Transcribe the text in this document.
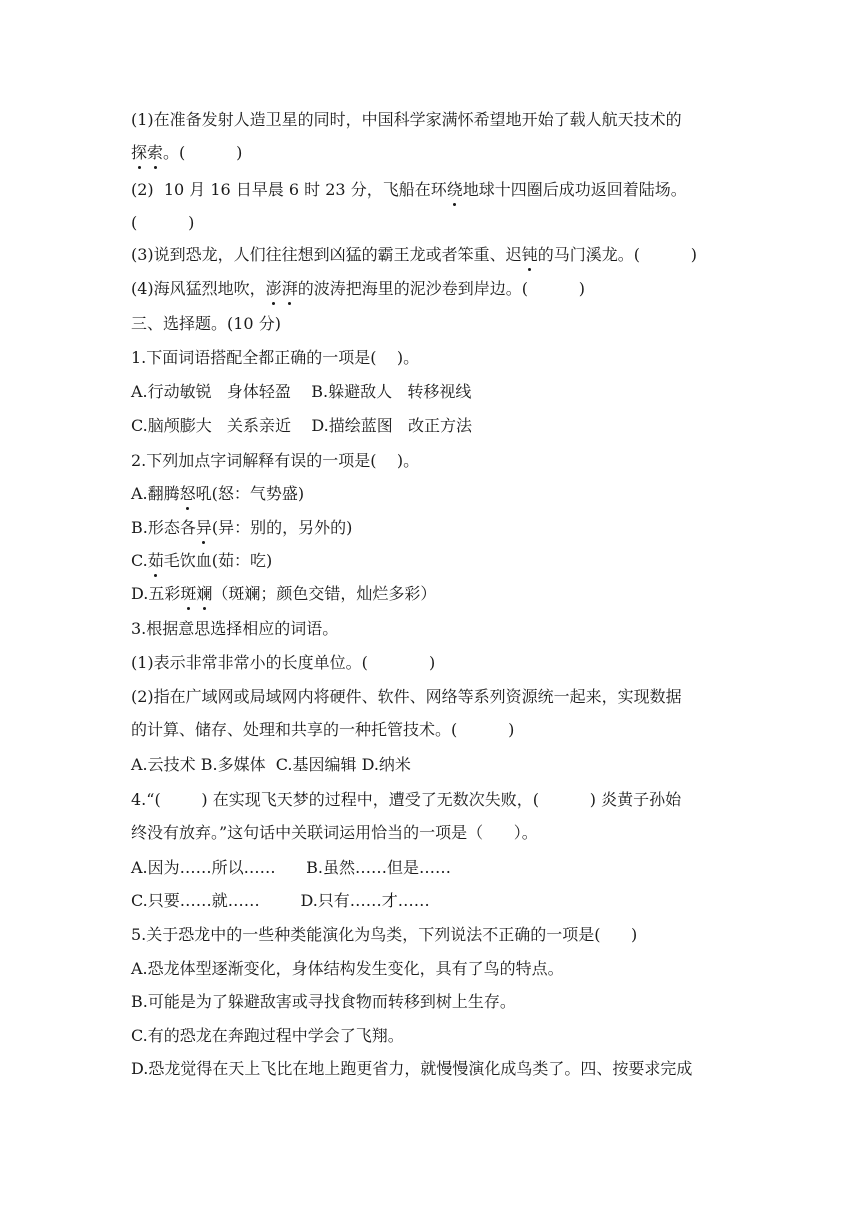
(1)在准备发射人造卫星的同时，中国科学家满怀希望地开始了载人航天技术的
探索。(          )
(2)  10 月 16 日早晨 6 时 23 分，飞船在环绕地球十四圈后成功返回着陆场。
(          )
(3)说到恐龙，人们往往想到凶猛的霸王龙或者笨重、迟钝的马门溪龙。(          )
(4)海风猛烈地吹，澎湃的波涛把海里的泥沙卷到岸边。(          )
三、选择题。(10 分)
1.下面词语搭配全都正确的一项是(    )。
A.行动敏锐   身体轻盈    B.躲避敌人   转移视线
C.脑颅膨大   关系亲近    D.描绘蓝图   改正方法
2.下列加点字词解释有误的一项是(    )。
A.翻腾怒吼(怒：气势盛)
B.形态各异(异：别的，另外的)
C.茹毛饮血(茹：吃)
D.五彩斑斓（斑斓；颜色交错，灿烂多彩）
3.根据意思选择相应的词语。
(1)表示非常非常小的长度单位。(            )
(2)指在广域网或局域网内将硬件、软件、网络等系列资源统一起来，实现数据
的计算、储存、处理和共享的一种托管技术。(          )
A.云技术 B.多媒体  C.基因编辑 D.纳米
4.“(        ) 在实现飞天梦的过程中，遭受了无数次失败，(          ) 炎黄子孙始
终没有放弃。”这句话中关联词运用恰当的一项是（      ）。
A.因为……所以……      B.虽然……但是……
C.只要……就……        D.只有……才……
5.关于恐龙中的一些种类能演化为鸟类，下列说法不正确的一项是(      )
A.恐龙体型逐渐变化，身体结构发生变化，具有了鸟的特点。
B.可能是为了躲避敌害或寻找食物而转移到树上生存。
C.有的恐龙在奔跑过程中学会了飞翔。
D.恐龙觉得在天上飞比在地上跑更省力，就慢慢演化成鸟类了。四、按要求完成
